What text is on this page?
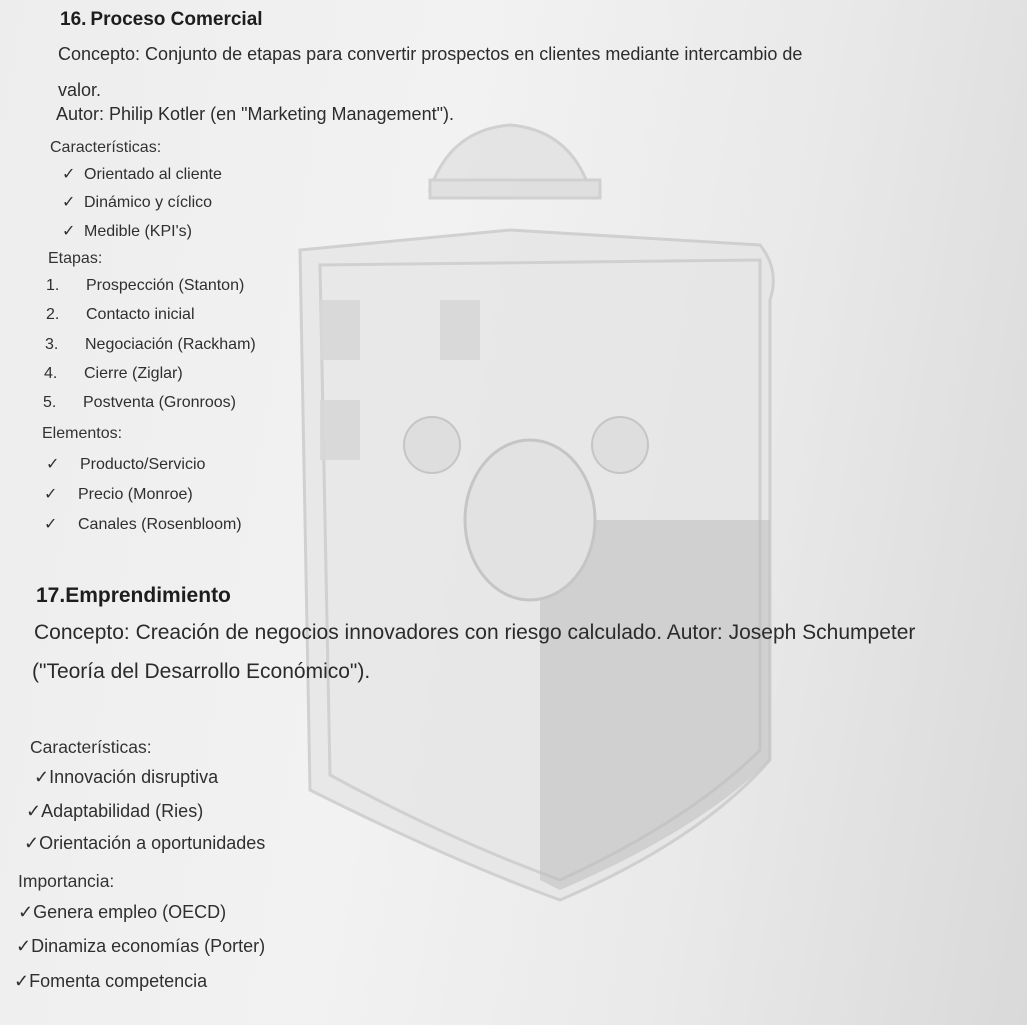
16. Proceso Comercial
Concepto: Conjunto de etapas para convertir prospectos en clientes mediante intercambio de
valor.
Autor: Philip Kotler (en "Marketing Management").
Características:
✓ Orientado al cliente
✓ Dinámico y cíclico
✓ Medible (KPI's)
Etapas:
1. Prospección (Stanton)
2. Contacto inicial
3. Negociación (Rackham)
4. Cierre (Ziglar)
5. Postventa (Gronroos)
Elementos:
✓ Producto/Servicio
✓ Precio (Monroe)
✓ Canales (Rosenbloom)
17.Emprendimiento
Concepto: Creación de negocios innovadores con riesgo calculado. Autor: Joseph Schumpeter
("Teoría del Desarrollo Económico").
Características:
✓Innovación disruptiva
✓Adaptabilidad (Ries)
✓Orientación a oportunidades
Importancia:
✓Genera empleo (OECD)
✓Dinamiza economías (Porter)
✓Fomenta competencia
